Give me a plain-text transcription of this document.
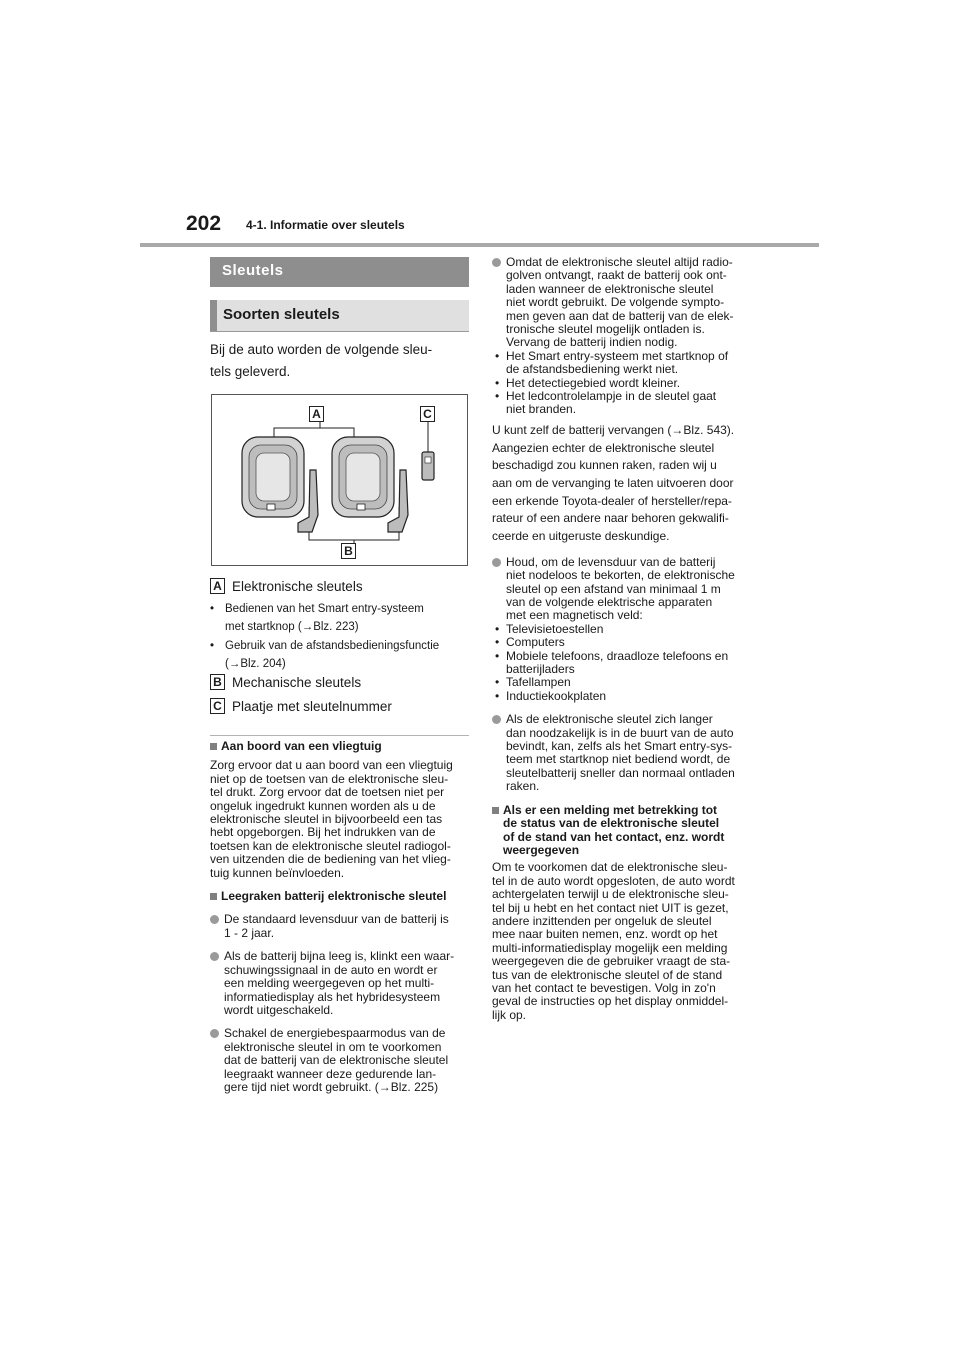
202 4-1. Informatie over sleutels
Sleutels
Soorten sleutels
Bij de auto worden de volgende sleu-
tels geleverd.
A	C
B
A Elektronische sleutels
• Bedienen van het Smart entry-systeem
met startknop (→Blz. 223)
• Gebruik van de afstandsbedieningsfunctie
(→Blz. 204)
B Mechanische sleutels
C Plaatje met sleutelnummer
Aan boord van een vliegtuig
Zorg ervoor dat u aan boord van een vliegtuig
niet op de toetsen van de elektronische sleu-
tel drukt. Zorg ervoor dat de toetsen niet per
ongeluk ingedrukt kunnen worden als u de
elektronische sleutel in bijvoorbeeld een tas
hebt opgeborgen. Bij het indrukken van de
toetsen kan de elektronische sleutel radiogol-
ven uitzenden die de bediening van het vlieg-
tuig kunnen beïnvloeden.
Leegraken batterij elektronische sleutel
De standaard levensduur van de batterij is
1 - 2 jaar.
Als de batterij bijna leeg is, klinkt een waar-
schuwingssignaal in de auto en wordt er
een melding weergegeven op het multi-
informatiedisplay als het hybridesysteem
wordt uitgeschakeld.
Schakel de energiebespaarmodus van de
elektronische sleutel in om te voorkomen
dat de batterij van de elektronische sleutel
leegraakt wanneer deze gedurende lan-
gere tijd niet wordt gebruikt. (→Blz. 225)
Omdat de elektronische sleutel altijd radio-
golven ontvangt, raakt de batterij ook ont-
laden wanneer de elektronische sleutel
niet wordt gebruikt. De volgende sympto-
men geven aan dat de batterij van de elek-
tronische sleutel mogelijk ontladen is.
Vervang de batterij indien nodig.
• Het Smart entry-systeem met startknop of
de afstandsbediening werkt niet.
• Het detectiegebied wordt kleiner.
• Het ledcontrolelampje in de sleutel gaat
niet branden.
U kunt zelf de batterij vervangen (→Blz. 543).
Aangezien echter de elektronische sleutel
beschadigd zou kunnen raken, raden wij u
aan om de vervanging te laten uitvoeren door
een erkende Toyota-dealer of hersteller/repa-
rateur of een andere naar behoren gekwalifi-
ceerde en uitgeruste deskundige.
Houd, om de levensduur van de batterij
niet nodeloos te bekorten, de elektronische
sleutel op een afstand van minimaal 1 m
van de volgende elektrische apparaten
met een magnetisch veld:
• Televisietoestellen
• Computers
• Mobiele telefoons, draadloze telefoons en
batterijladers
• Tafellampen
• Inductiekookplaten
Als de elektronische sleutel zich langer
dan noodzakelijk is in de buurt van de auto
bevindt, kan, zelfs als het Smart entry-sys-
teem met startknop niet bediend wordt, de
sleutelbatterij sneller dan normaal ontladen
raken.
Als er een melding met betrekking tot
de status van de elektronische sleutel
of de stand van het contact, enz. wordt
weergegeven
Om te voorkomen dat de elektronische sleu-
tel in de auto wordt opgesloten, de auto wordt
achtergelaten terwijl u de elektronische sleu-
tel bij u hebt en het contact niet UIT is gezet,
andere inzittenden per ongeluk de sleutel
mee naar buiten nemen, enz. wordt op het
multi-informatiedisplay mogelijk een melding
weergegeven die de gebruiker vraagt de sta-
tus van de elektronische sleutel of de stand
van het contact te bevestigen. Volg in zo'n
geval de instructies op het display onmiddel-
lijk op.
